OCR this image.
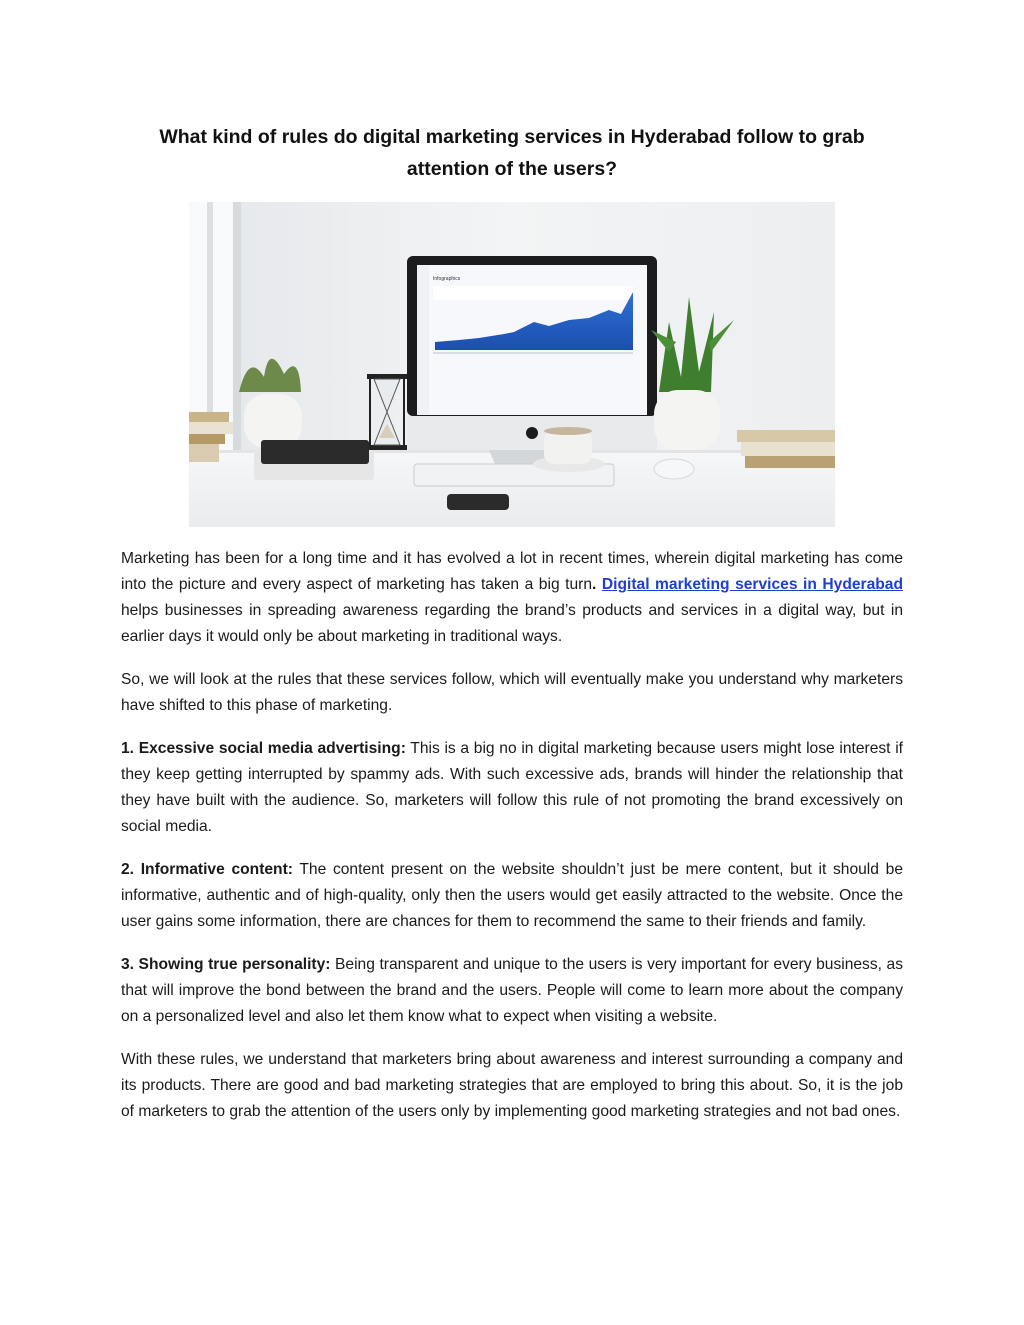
What kind of rules do digital marketing services in Hyderabad follow to grab attention of the users?
Infographics

Marketing has been for a long time and it has evolved a lot in recent times, wherein digital marketing has come into the picture and every aspect of marketing has taken a big turn. Digital marketing services in Hyderabad helps businesses in spreading awareness regarding the brand’s products and services in a digital way, but in earlier days it would only be about marketing in traditional ways.

So, we will look at the rules that these services follow, which will eventually make you understand why marketers have shifted to this phase of marketing.

1. Excessive social media advertising: This is a big no in digital marketing because users might lose interest if they keep getting interrupted by spammy ads. With such excessive ads, brands will hinder the relationship that they have built with the audience. So, marketers will follow this rule of not promoting the brand excessively on social media.

2. Informative content: The content present on the website shouldn’t just be mere content, but it should be informative, authentic and of high-quality, only then the users would get easily attracted to the website. Once the user gains some information, there are chances for them to recommend the same to their friends and family.

3. Showing true personality: Being transparent and unique to the users is very important for every business, as that will improve the bond between the brand and the users. People will come to learn more about the company on a personalized level and also let them know what to expect when visiting a website.

With these rules, we understand that marketers bring about awareness and interest surrounding a company and its products. There are good and bad marketing strategies that are employed to bring this about. So, it is the job of marketers to grab the attention of the users only by implementing good marketing strategies and not bad ones.
